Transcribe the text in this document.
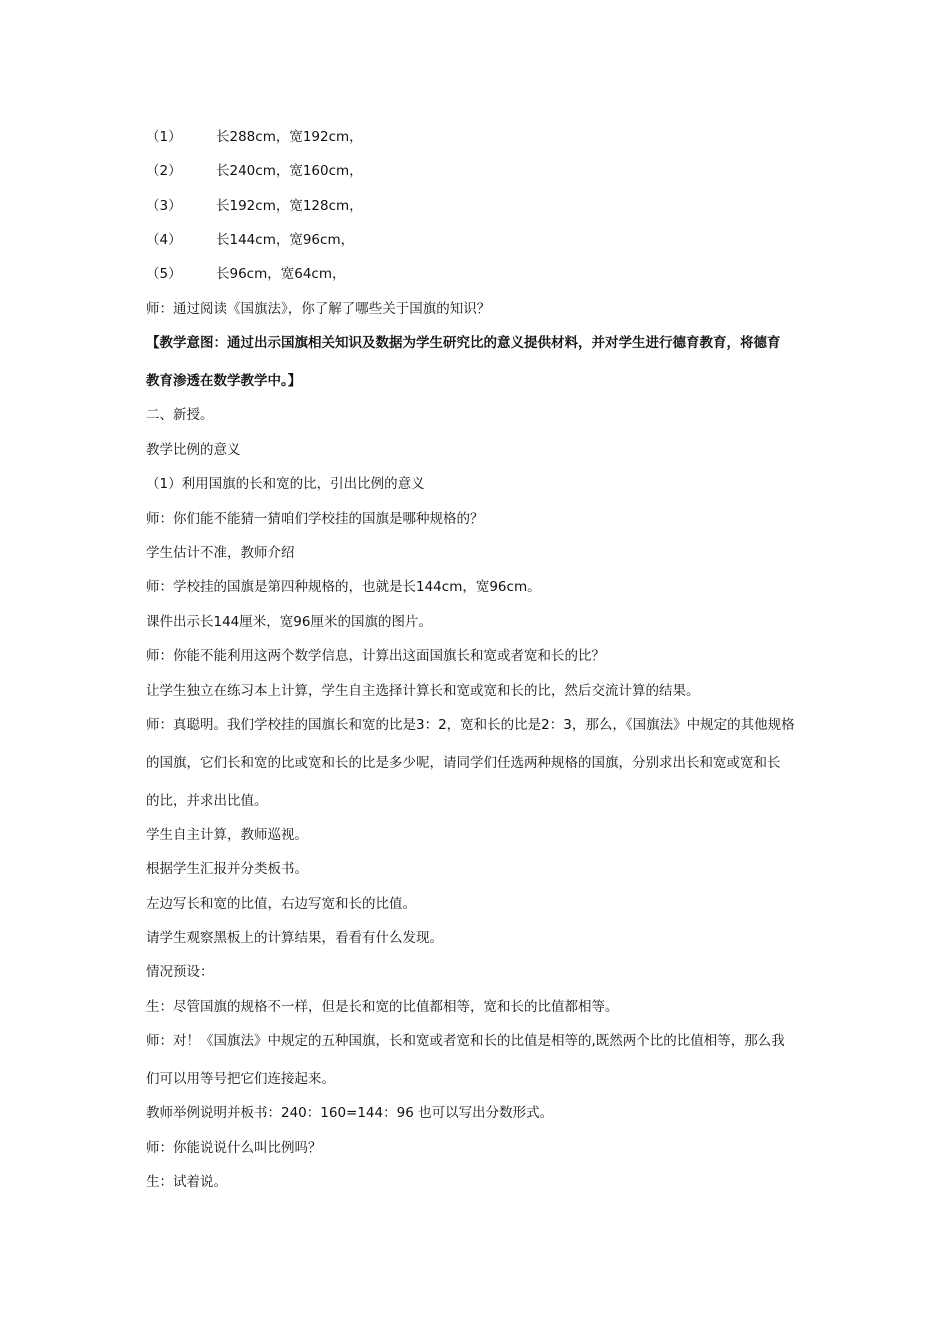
（1）	长288cm，宽192cm，
（2）	长240cm，宽160cm，
（3）	长192cm，宽128cm，
（4）	长144cm，宽96cm，
（5）	长96cm，宽64cm，
师：通过阅读《国旗法》，你了解了哪些关于国旗的知识？
【教学意图：通过出示国旗相关知识及数据为学生研究比的意义提供材料，并对学生进行德育教育，将德育
教育渗透在数学教学中。】
二、新授。
教学比例的意义
（1）利用国旗的长和宽的比，引出比例的意义
师：你们能不能猜一猜咱们学校挂的国旗是哪种规格的？
学生估计不准，教师介绍
师：学校挂的国旗是第四种规格的，也就是长144cm，宽96cm。
课件出示长144厘米，宽96厘米的国旗的图片。
师：你能不能利用这两个数学信息，计算出这面国旗长和宽或者宽和长的比？
让学生独立在练习本上计算，学生自主选择计算长和宽或宽和长的比，然后交流计算的结果。
师：真聪明。我们学校挂的国旗长和宽的比是3：2，宽和长的比是2：3，那么，《国旗法》中规定的其他规格
的国旗，它们长和宽的比或宽和长的比是多少呢，请同学们任选两种规格的国旗，分别求出长和宽或宽和长
的比，并求出比值。
学生自主计算，教师巡视。
根据学生汇报并分类板书。
左边写长和宽的比值，右边写宽和长的比值。
请学生观察黑板上的计算结果，看看有什么发现。
情况预设：
生：尽管国旗的规格不一样，但是长和宽的比值都相等，宽和长的比值都相等。
师：对！《国旗法》中规定的五种国旗，长和宽或者宽和长的比值是相等的,既然两个比的比值相等，那么我
们可以用等号把它们连接起来。
教师举例说明并板书：240：160=144：96 也可以写出分数形式。
师：你能说说什么叫比例吗？
生：试着说。
